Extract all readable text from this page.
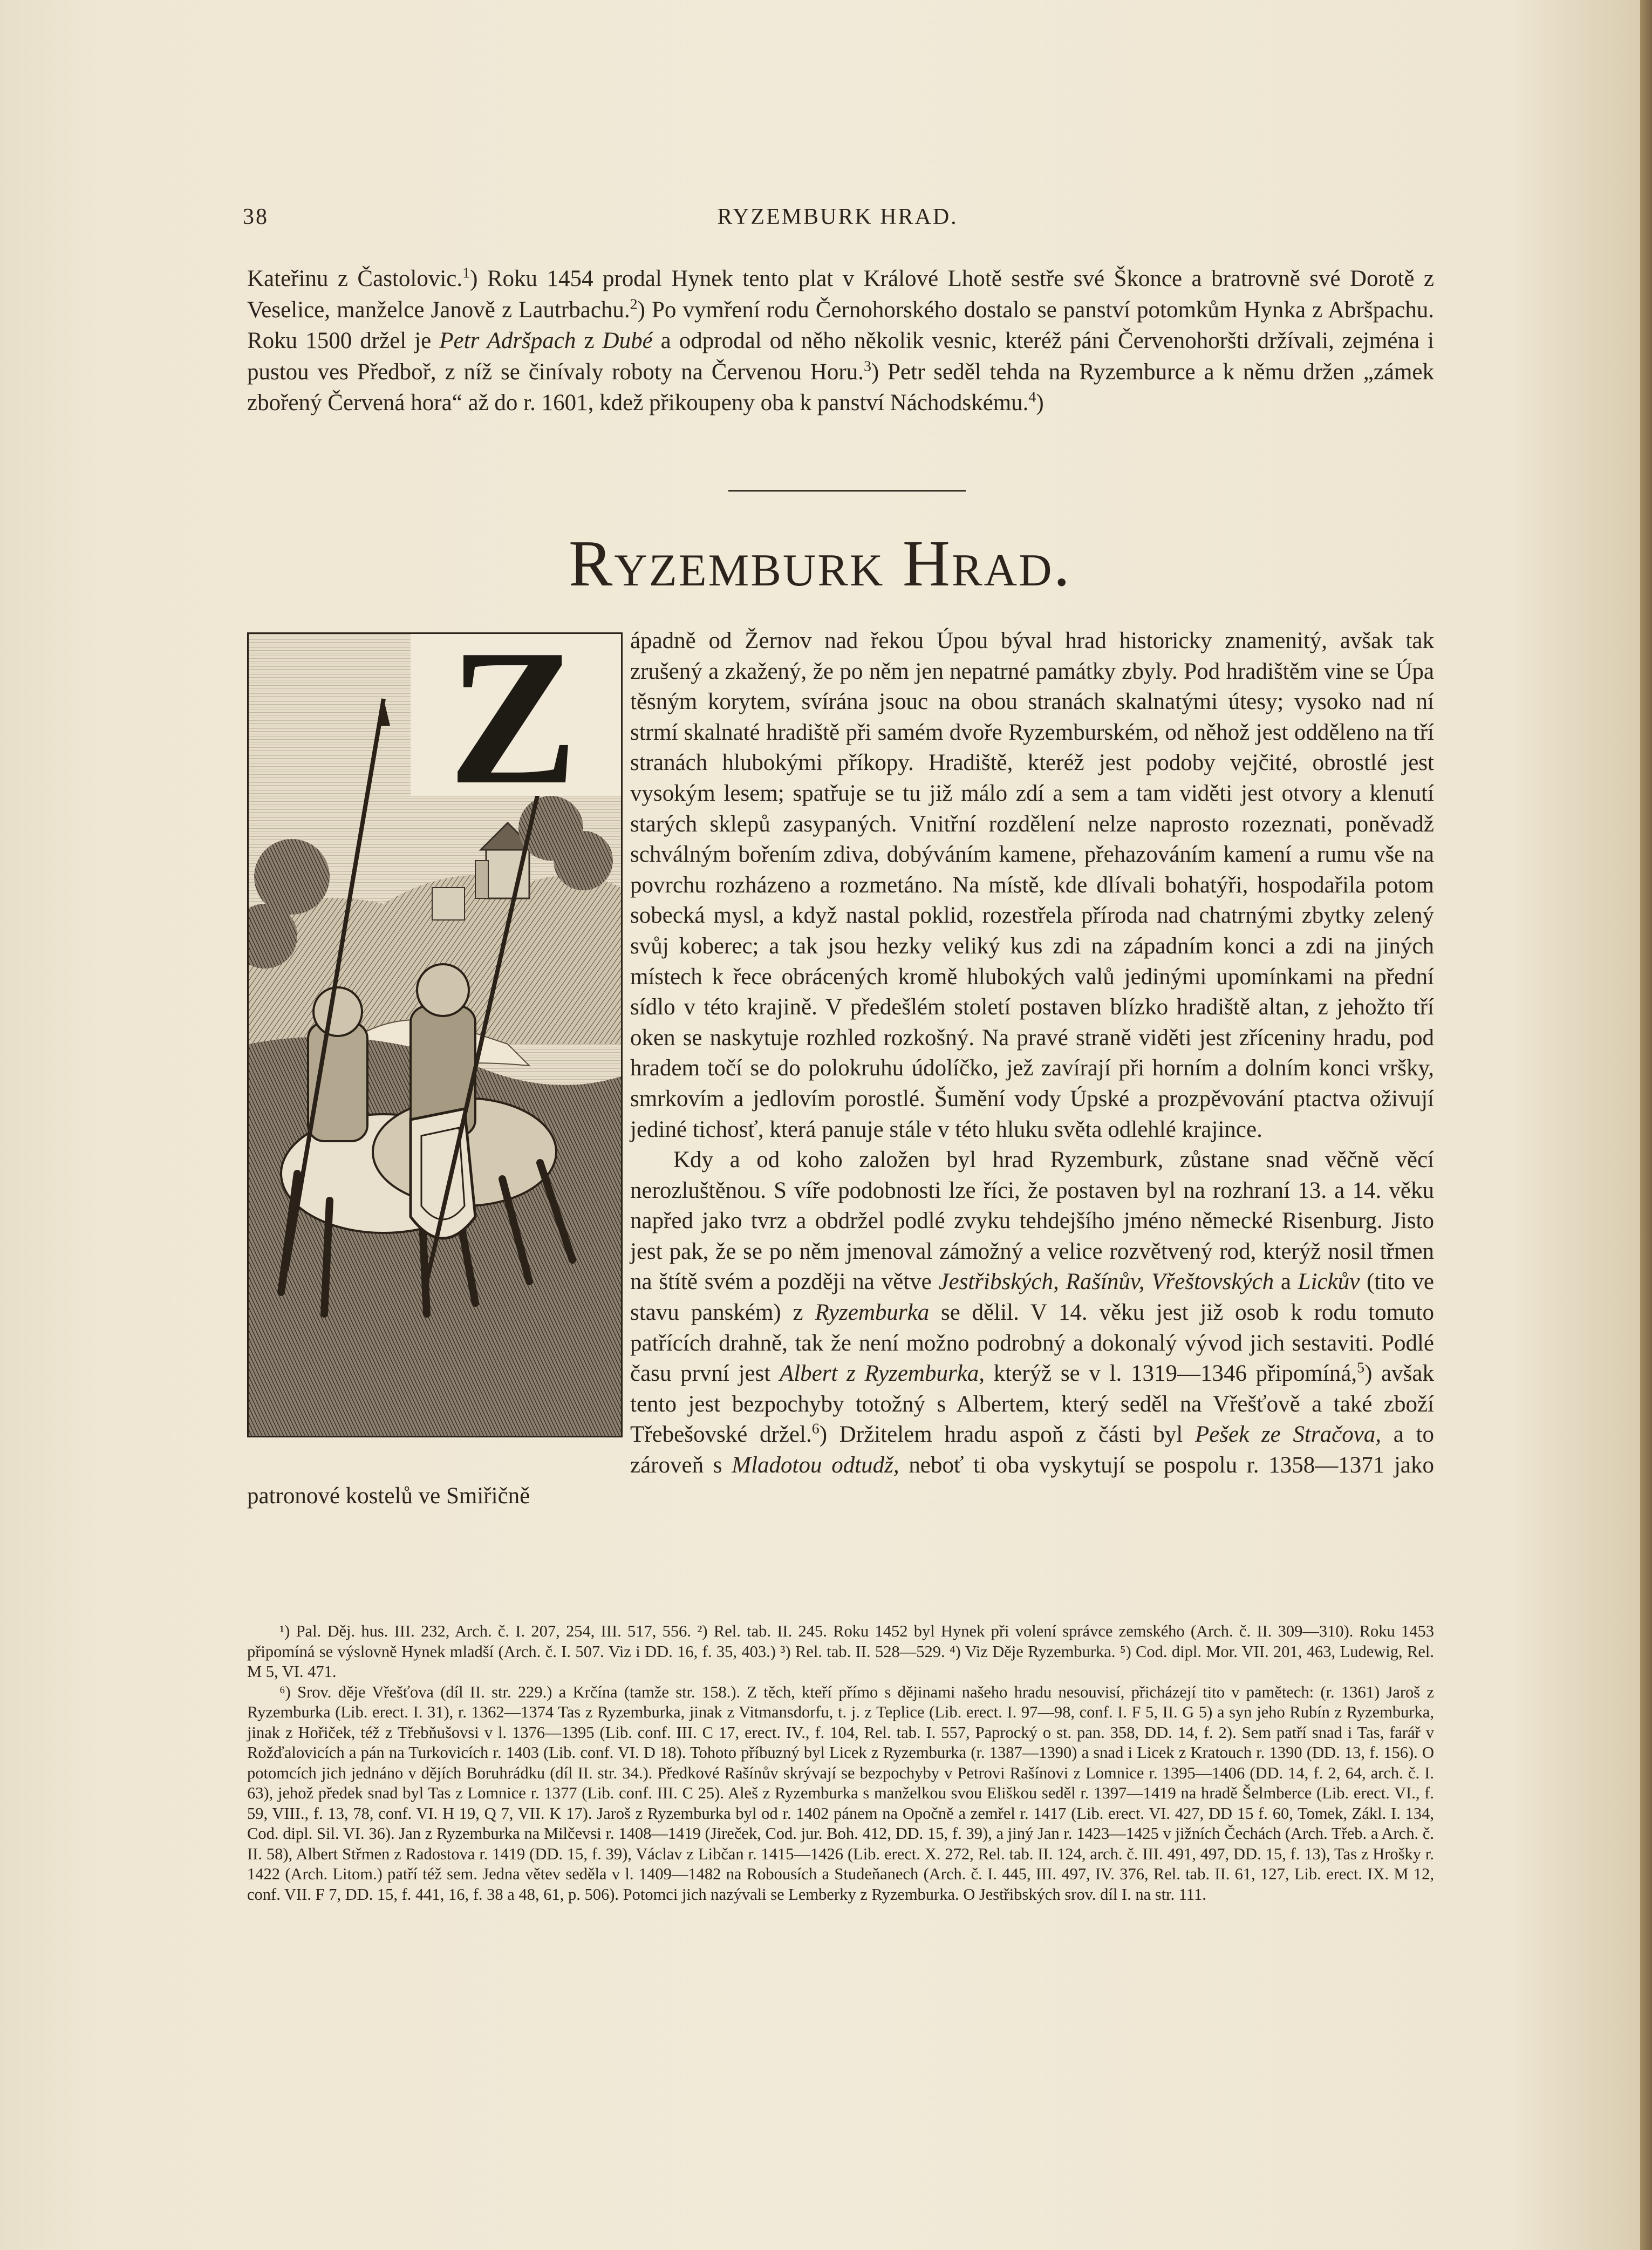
38	RYZEMBURK HRAD.
Kateřinu z Častolovic.$^1$) Roku 1454 prodal Hynek tento plat v Králové Lhotě sestře své Škonce a bratrovně své Dorotě z Veselice, manželce Janově z Lautrbachu.$^2$) Po vymření rodu Černohorského dostalo se panství potomkům Hynka z Abršpachu. Roku 1500 držel je Petr Adršpach z Dubé a odprodal od něho několik vesnic, kteréž páni Červenohoršti držívali, zejména i pustou ves Předboř, z níž se činívaly roboty na Červenou Horu.$^3$) Petr seděl tehda na Ryzemburce a k němu držen „zámek zbořený Červená hora“ až do r. 1601, kdež přikoupeny oba k panství Náchodskému.$^4$)
Ryzemburk Hrad.
Z	ápadně od Žernov nad řekou Úpou býval hrad historicky znamenitý, avšak tak zrušený a zkažený, že po něm jen nepatrné památky zbyly. Pod hradištěm vine se Úpa těsným korytem, svírána jsouc na obou stranách skalnatými útesy; vysoko nad ní strmí skalnaté hradiště při samém dvoře Ryzemburském, od něhož jest odděleno na tří stranách hlubokými příkopy. Hradiště, kteréž jest podoby vejčité, obrostlé jest vysokým lesem; spatřuje se tu již málo zdí a sem a tam viděti jest otvory a klenutí starých sklepů zasypaných. Vnitřní rozdělení nelze naprosto rozeznati, poněvadž schválným bořením zdiva, dobýváním kamene, přehazováním kamení a rumu vše na povrchu rozházeno a rozmetáno. Na místě, kde dlívali bohatýři, hospodařila potom sobecká mysl, a když nastal poklid, rozestřela příroda nad chatrnými zbytky zelený svůj koberec; a tak jsou hezky veliký kus zdi na západním konci a zdi na jiných místech k řece obrácených kromě hlubokých valů jedinými upomínkami na přední sídlo v této krajině. V předešlém století postaven blízko hradiště altan, z jehožto tří oken se naskytuje rozhled rozkošný. Na pravé straně viděti jest zříceniny hradu, pod hradem točí se do polokruhu údolíčko, jež zavírají při horním a dolním konci vršky, smrkovím a jedlovím porostlé. Šumění vody Úpské a prozpěvování ptactva oživují jediné tichosť, která panuje stále v této hluku světa odlehlé krajince.

Kdy a od koho založen byl hrad Ryzemburk, zůstane snad věčně věcí nerozluštěnou. S víře podobnosti lze říci, že postaven byl na rozhraní 13. a 14. věku napřed jako tvrz a obdržel podlé zvyku tehdejšího jméno německé Risenburg. Jisto jest pak, že se po něm jmenoval zámožný a velice rozvětvený rod, kterýž nosil třmen na štítě svém a později na větve Jestřibských, Rašínův, Vřeštovských a Lickův (tito ve stavu panském) z Ryzemburka se dělil. V 14. věku jest již osob k rodu tomuto patřících drahně, tak že není možno podrobný a dokonalý vývod jich sestaviti. Podlé času první jest Albert z Ryzemburka, kterýž se v l. 1319—1346 připomíná,$^5$) avšak tento jest bezpochyby totožný s Albertem, který seděl na Vřešťově a také zboží Třebešovské držel.$^6$) Držitelem hradu aspoň z části byl Pešek ze Stračova, a to zároveň s Mladotou odtudž, neboť ti oba vyskytují se pospolu r. 1358—1371 jako patronové kostelů ve Smiřičně

¹) Pal. Děj. hus. III. 232, Arch. č. I. 207, 254, III. 517, 556. ²) Rel. tab. II. 245. Roku 1452 byl Hynek při volení správce zemského (Arch. č. II. 309—310). Roku 1453 připomíná se výslovně Hynek mladší (Arch. č. I. 507. Viz i DD. 16, f. 35, 403.) ³) Rel. tab. II. 528—529. ⁴) Viz Děje Ryzemburka. ⁵) Cod. dipl. Mor. VII. 201, 463, Ludewig, Rel. M 5, VI. 471.

⁶) Srov. děje Vřešťova (díl II. str. 229.) a Krčína (tamže str. 158.). Z těch, kteří přímo s dějinami našeho hradu nesouvisí, přicházejí tito v pamětech: (r. 1361) Jaroš z Ryzemburka (Lib. erect. I. 31), r. 1362—1374 Tas z Ryzemburka, jinak z Vitmansdorfu, t. j. z Teplice (Lib. erect. I. 97—98, conf. I. F 5, II. G 5) a syn jeho Rubín z Ryzemburka, jinak z Hořiček, též z Třebňušovsi v l. 1376—1395 (Lib. conf. III. C 17, erect. IV., f. 104, Rel. tab. I. 557, Paprocký o st. pan. 358, DD. 14, f. 2). Sem patří snad i Tas, farář v Rožďalovicích a pán na Turkovicích r. 1403 (Lib. conf. VI. D 18). Tohoto příbuzný byl Licek z Ryzemburka (r. 1387—1390) a snad i Licek z Kratouch r. 1390 (DD. 13, f. 156). O potomcích jich jednáno v dějích Boruhrádku (díl II. str. 34.). Předkové Rašínův skrývají se bezpochyby v Petrovi Rašínovi z Lomnice r. 1395—1406 (DD. 14, f. 2, 64, arch. č. I. 63), jehož předek snad byl Tas z Lomnice r. 1377 (Lib. conf. III. C 25). Aleš z Ryzemburka s manželkou svou Eliškou seděl r. 1397—1419 na hradě Šelmberce (Lib. erect. VI., f. 59, VIII., f. 13, 78, conf. VI. H 19, Q 7, VII. K 17). Jaroš z Ryzemburka byl od r. 1402 pánem na Opočně a zemřel r. 1417 (Lib. erect. VI. 427, DD 15 f. 60, Tomek, Zákl. I. 134, Cod. dipl. Sil. VI. 36). Jan z Ryzemburka na Milčevsi r. 1408—1419 (Jireček, Cod. jur. Boh. 412, DD. 15, f. 39), a jiný Jan r. 1423—1425 v jižních Čechách (Arch. Třeb. a Arch. č. II. 58), Albert Střmen z Radostova r. 1419 (DD. 15, f. 39), Václav z Libčan r. 1415—1426 (Lib. erect. X. 272, Rel. tab. II. 124, arch. č. III. 491, 497, DD. 15, f. 13), Tas z Hrošky r. 1422 (Arch. Litom.) patří též sem. Jedna větev seděla v l. 1409—1482 na Robousích a Studeňanech (Arch. č. I. 445, III. 497, IV. 376, Rel. tab. II. 61, 127, Lib. erect. IX. M 12, conf. VII. F 7, DD. 15, f. 441, 16, f. 38 a 48, 61, p. 506). Potomci jich nazývali se Lemberky z Ryzemburka. O Jestřibských srov. díl I. na str. 111.
